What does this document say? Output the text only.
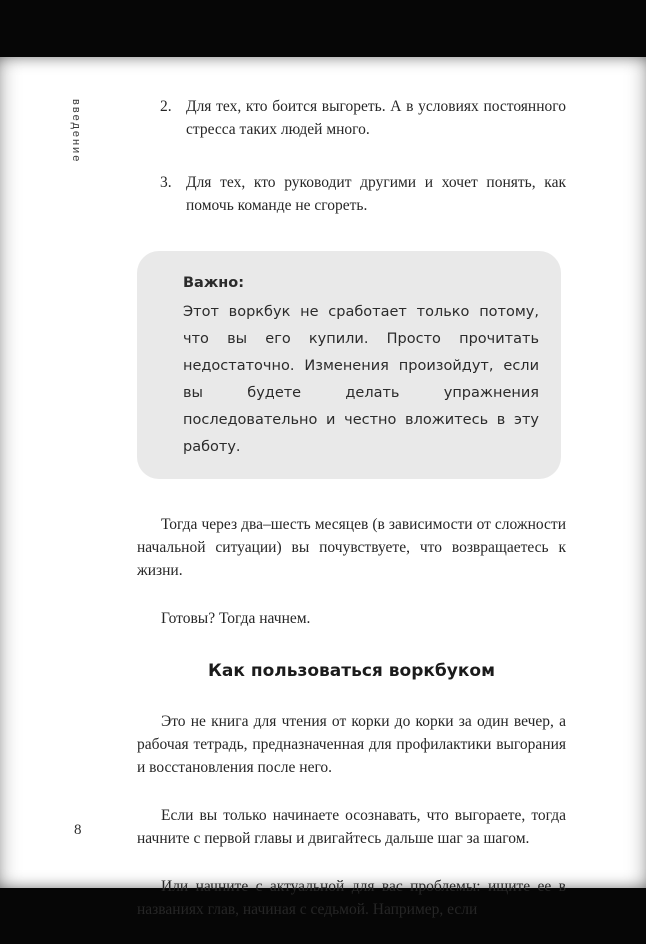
введение
8
2. Для тех, кто боится выгореть. А в условиях постоянного стресса таких людей много.
3. Для тех, кто руководит другими и хочет понять, как помочь команде не сгореть.
Важно:
Этот воркбук не сработает только потому, что вы его купили. Просто прочитать недостаточно. Изменения произойдут, если вы будете делать упражнения последовательно и честно вложитесь в эту работу.

Тогда через два–шесть месяцев (в зависимости от сложности начальной ситуации) вы почувствуете, что возвращаетесь к жизни.

Готовы? Тогда начнем.

Как пользоваться воркбуком

Это не книга для чтения от корки до корки за один вечер, а рабочая тетрадь, предназначенная для профилактики выгорания и восстановления после него.

Если вы только начинаете осознавать, что выгораете, тогда начните с первой главы и двигайтесь дальше шаг за шагом.

Или начните с актуальной для вас проблемы: ищите ее в названиях глав, начиная с седьмой. Например, если
